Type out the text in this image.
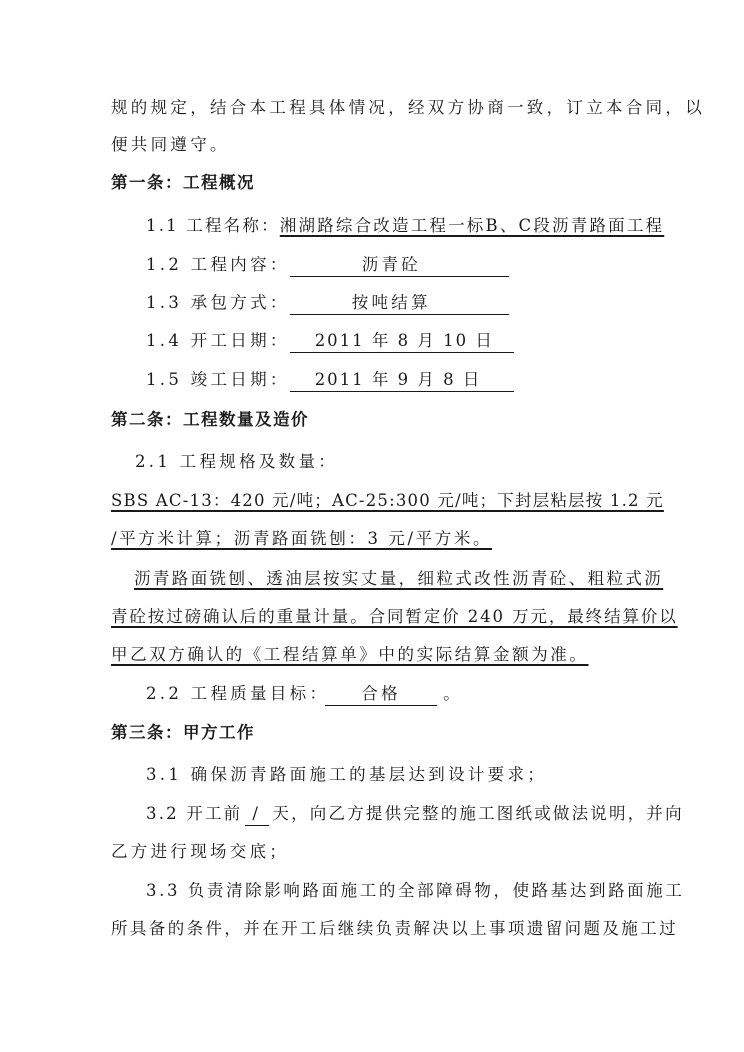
规的规定，结合本工程具体情况，经双方协商一致，订立本合同，以
便共同遵守。
第一条：工程概况
1.1 工程名称：湘湖路综合改造工程一标B、C段沥青路面工程
1.2 工程内容：	沥青砼
1.3 承包方式：	按吨结算
1.4 开工日期： 2011 年 8 月 10 日
1.5 竣工日期： 2011 年 9 月 8 日
第二条：工程数量及造价
2.1 工程规格及数量：
SBS AC-13：420 元/吨；AC-25:300 元/吨；下封层粘层按 1.2 元
/平方米计算；沥青路面铣刨：3 元/平方米。
沥青路面铣刨、透油层按实丈量，细粒式改性沥青砼、粗粒式沥
青砼按过磅确认后的重量计量。合同暂定价 240 万元，最终结算价以
甲乙双方确认的《工程结算单》中的实际结算金额为准。
2.2 工程质量目标： 合格	。
第三条：甲方工作
3.1 确保沥青路面施工的基层达到设计要求；
3.2 开工前 / 天，向乙方提供完整的施工图纸或做法说明，并向
乙方进行现场交底；
3.3 负责清除影响路面施工的全部障碍物，使路基达到路面施工
所具备的条件，并在开工后继续负责解决以上事项遗留问题及施工过
